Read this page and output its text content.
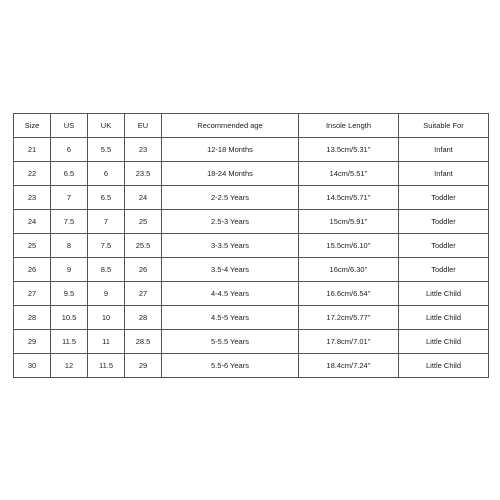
Size	US	UK	EU	Recommended age	Insole Length	Suitable For
21	6	5.5	23	12-18 Months	13.5cm/5.31''	Infant
22	6.5	6	23.5	18-24 Months	14cm/5.51''	Infant
23	7	6.5	24	2-2.5 Years	14.5cm/5.71''	Toddler
24	7.5	7	25	2.5-3 Years	15cm/5.91''	Toddler
25	8	7.5	25.5	3-3.5 Years	15.5cm/6.10''	Toddler
26	9	8.5	26	3.5-4 Years	16cm/6.30''	Toddler
27	9.5	9	27	4-4.5 Years	16.6cm/6.54''	Little Child
28	10.5	10	28	4.5-5 Years	17.2cm/5.77''	Little Child
29	11.5	11	28.5	5-5.5 Years	17.8cm/7.01''	Little Child
30	12	11.5	29	5.5-6 Years	18.4cm/7.24''	Little Child
